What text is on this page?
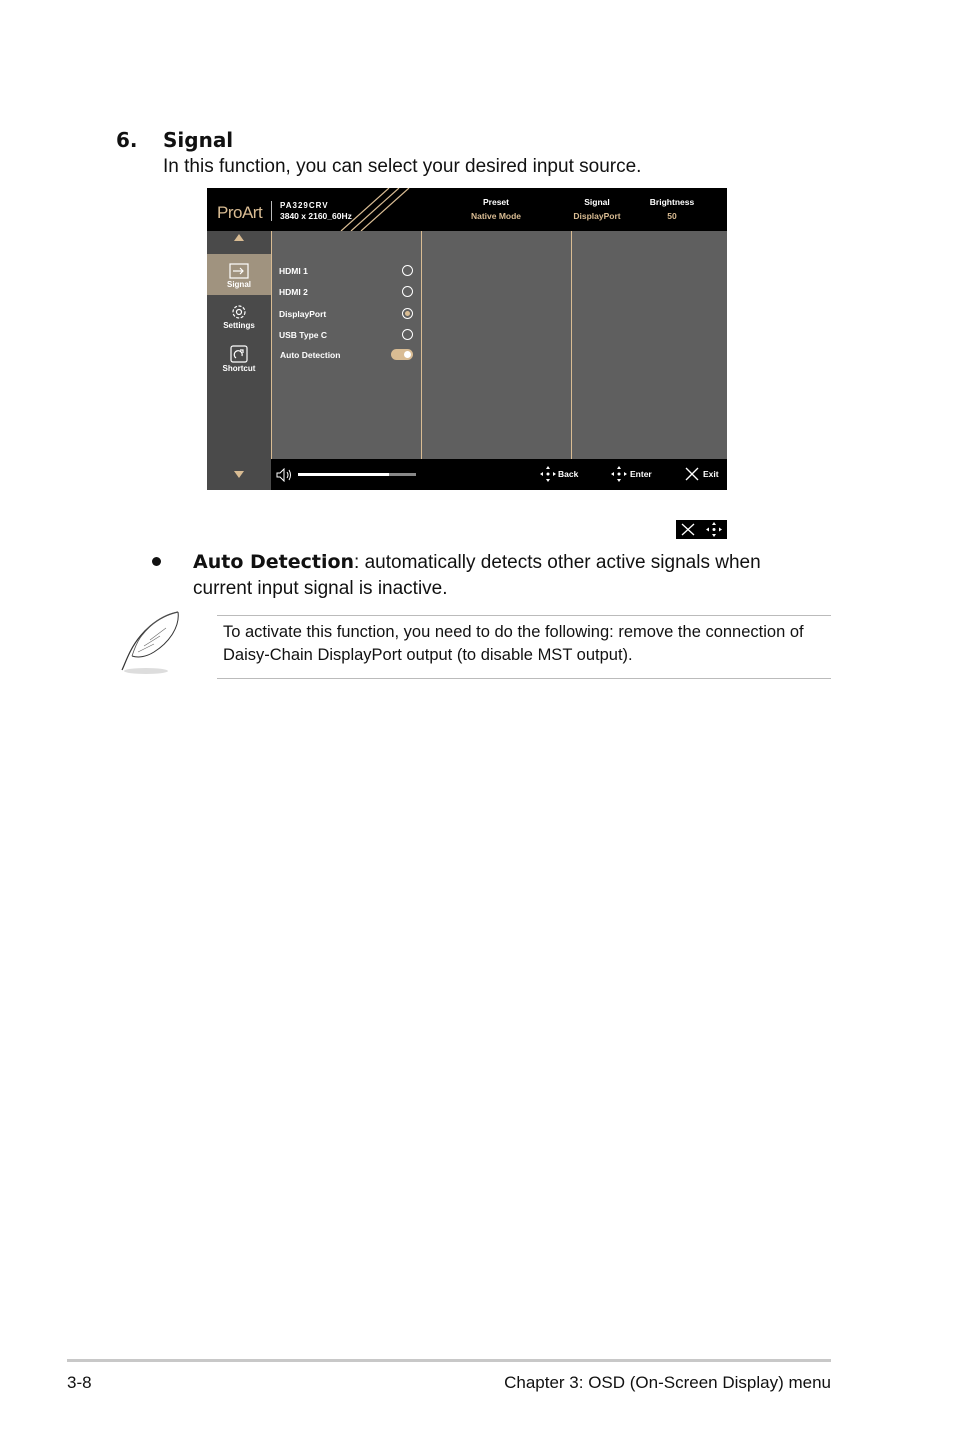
6. Signal
In this function, you can select your desired input source.
ProArt PA329CRV
3840 x 2160_60Hz
Preset
Native Mode
Signal
DisplayPort
Brightness
50
Signal
Settings
Shortcut
HDMI 1
HDMI 2
DisplayPort
USB Type C
Auto Detection
Back	Enter	Exit
Auto Detection: automatically detects other active signals when current input signal is inactive.
To activate this function, you need to do the following: remove the connection of Daisy-Chain DisplayPort output (to disable MST output).
3-8	Chapter 3: OSD (On-Screen Display) menu
